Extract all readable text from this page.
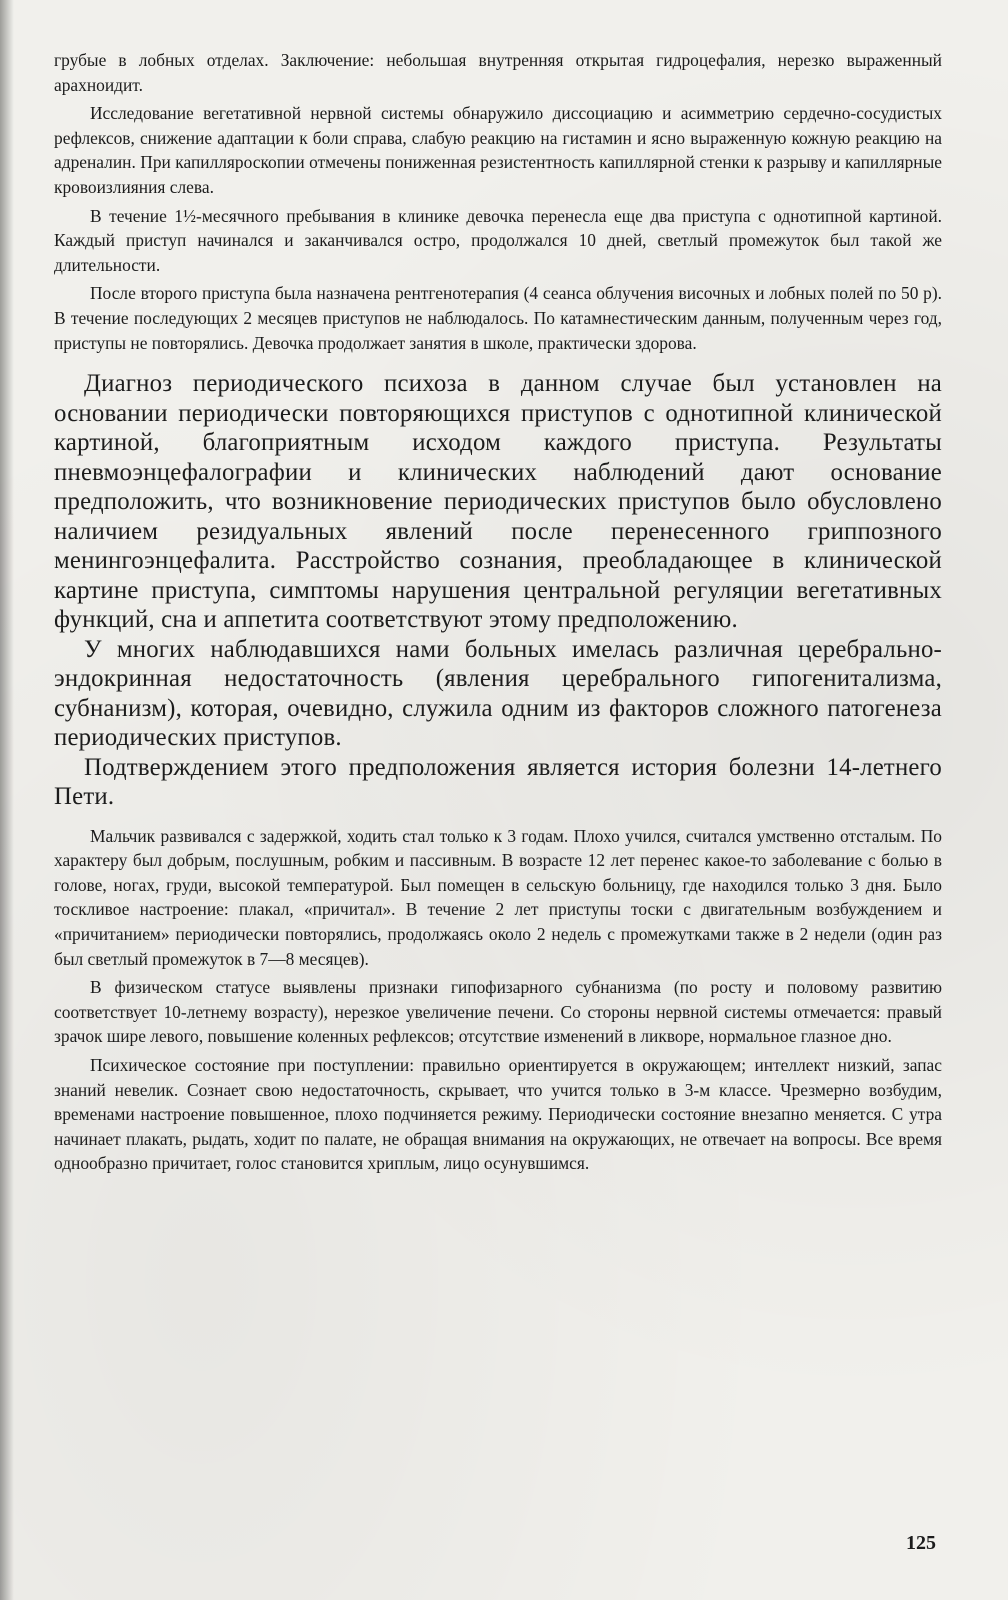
грубые в лобных отделах. Заключение: небольшая внутренняя открытая гидроцефалия, нерезко выраженный арахноидит.

Исследование вегетативной нервной системы обнаружило диссоциацию и асимметрию сердечно-сосудистых рефлексов, снижение адаптации к боли справа, слабую реакцию на гистамин и ясно выраженную кожную реакцию на адреналин. При капилляроскопии отмечены пониженная резистентность капиллярной стенки к разрыву и капиллярные кровоизлияния слева.

В течение 1½-месячного пребывания в клинике девочка перенесла еще два приступа с однотипной картиной. Каждый приступ начинался и заканчивался остро, продолжался 10 дней, светлый промежуток был такой же длительности.

После второго приступа была назначена рентгенотерапия (4 сеанса облучения височных и лобных полей по 50 р). В течение последующих 2 месяцев приступов не наблюдалось. По катамнестическим данным, полученным через год, приступы не повторялись. Девочка продолжает занятия в школе, практически здорова.

Диагноз периодического психоза в данном случае был установлен на основании периодически повторяющихся приступов с однотипной клинической картиной, благоприятным исходом каждого приступа. Результаты пневмоэнцефалографии и клинических наблюдений дают основание предположить, что возникновение периодических приступов было обусловлено наличием резидуальных явлений после перенесенного гриппозного менингоэнцефалита. Расстройство сознания, преобладающее в клинической картине приступа, симптомы нарушения центральной регуляции вегетативных функций, сна и аппетита соответствуют этому предположению.

У многих наблюдавшихся нами больных имелась различная церебрально-эндокринная недостаточность (явления церебрального гипогенитализма, субнанизм), которая, очевидно, служила одним из факторов сложного патогенеза периодических приступов.

Подтверждением этого предположения является история болезни 14-летнего Пети.

Мальчик развивался с задержкой, ходить стал только к 3 годам. Плохо учился, считался умственно отсталым. По характеру был добрым, послушным, робким и пассивным. В возрасте 12 лет перенес какое-то заболевание с болью в голове, ногах, груди, высокой температурой. Был помещен в сельскую больницу, где находился только 3 дня. Было тоскливое настроение: плакал, «причитал». В течение 2 лет приступы тоски с двигательным возбуждением и «причитанием» периодически повторялись, продолжаясь около 2 недель с промежутками также в 2 недели (один раз был светлый промежуток в 7—8 месяцев).

В физическом статусе выявлены признаки гипофизарного субнанизма (по росту и половому развитию соответствует 10-летнему возрасту), нерезкое увеличение печени. Со стороны нервной системы отмечается: правый зрачок шире левого, повышение коленных рефлексов; отсутствие изменений в ликворе, нормальное глазное дно.

Психическое состояние при поступлении: правильно ориентируется в окружающем; интеллект низкий, запас знаний невелик. Сознает свою недостаточность, скрывает, что учится только в 3-м классе. Чрезмерно возбудим, временами настроение повышенное, плохо подчиняется режиму. Периодически состояние внезапно меняется. С утра начинает плакать, рыдать, ходит по палате, не обращая внимания на окружающих, не отвечает на вопросы. Все время однообразно причитает, голос становится хриплым, лицо осунувшимся.

125
